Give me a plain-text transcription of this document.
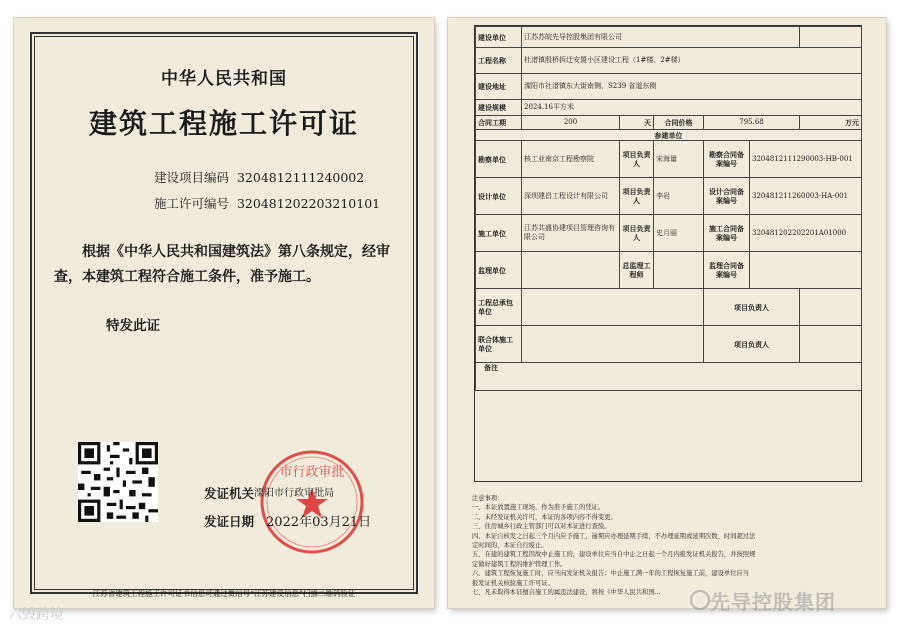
中华人民共和国
建筑工程施工许可证
建设项目编码 320481211124000​2
施工许可编号 320481202203210101
根据《中华人民共和国建筑法》第八条规定，经审查，本建筑工程符合施工条件，准予施工。
特发此证
市行政审批
发证机关 溧阳市行政审批局
发证日期 2022年03月21日
江苏省建筑工程施工许可证书信息可通过微信号“江苏建设信息”扫描二维码验证
建设单位	江苏苏皖先导控股集团有限公司					
工程名称	杜渚镇殷桥拆迁安置小区建设工程（1#楼、2#楼）					
建设地址	溧阳市社渚镇东大街南侧、S239 省道东侧					
建设规模	2024.16平方米					
合同工期	200	天	合同价格	795.68		万元
参建单位						
勘察单位	核工业南京工程勘察院	项目负责人	宋海量	勘察合同备案编号	320481211129000​3-HB-001	
设计单位	深圳建昌工程设计有限公司	项目负责人	李岩	设计合同备案编号	320481211260003-HA-001	
施工单位	江苏共盛协建项目管理咨询有限公司	项目负责人	史月丽	施工合同备案编号	320481202202201A01000	
监理单位		总监理工程师		监理合同备案编号		
工程总承包单位				项目负责人		
联合体施工单位				项目负责人		
备注						
注意事项：
一、本证放置施工现场，作为准予施工的凭证。
二、未经发证机关许可，本证的各项内容不得变更。
三、住房城乡行政主管部门可以对本证进行查验。
四、本证自核发之日起三个月内应予施工，逾期应办理延期手续，不办理延期或延期次数、时间超过法
定时间的，本证自行废止。
五、在建的建筑工程因故中止施工的，建设单位应当自中止之日起一个月内报发证机关报告，并按照规
定做好建筑工程的维护管理工作。
六、建筑工程恢复施工时，应当向发证机关报告；中止施工满一年的工程恢复施工前，建设单位应当
报发证机关核验施工许可证。
七、凡未取得本证擅自施工的属违法建设，将按《中华人民共和国...
六毁跨境
先导控股集团
